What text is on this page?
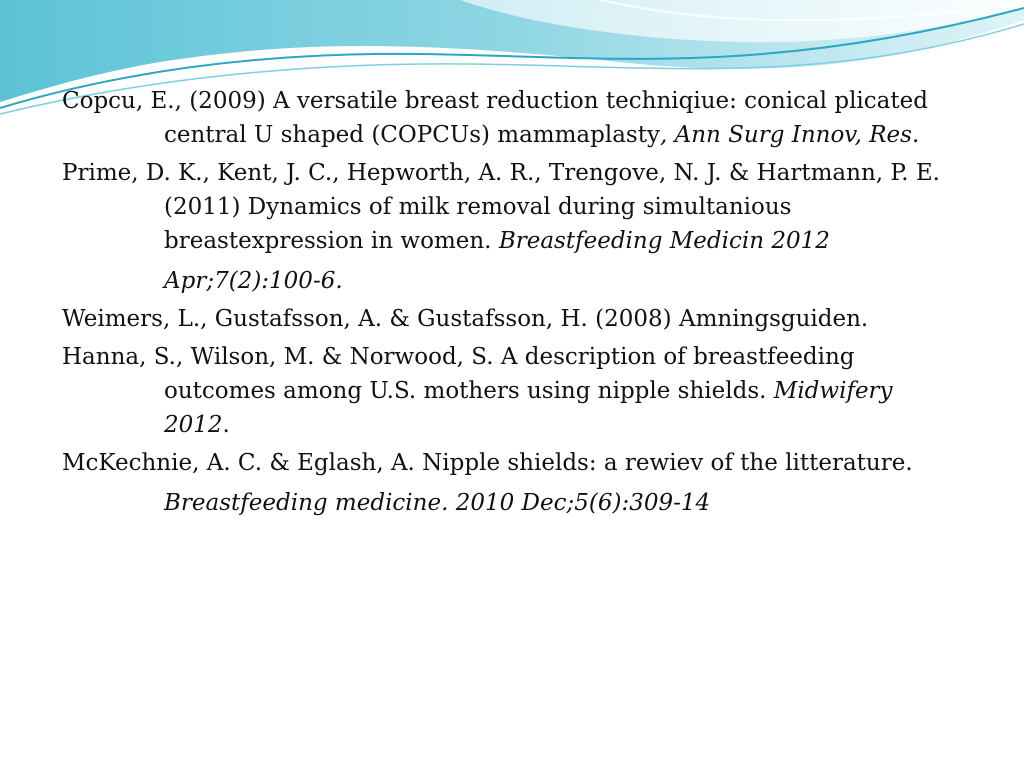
Copcu, E., (2009) A versatile breast reduction techniqiue: conical plicated central U shaped (COPCUs) mammaplasty, Ann Surg Innov, Res.

Prime, D. K., Kent, J. C., Hepworth, A. R., Trengove, N. J. & Hartmann, P. E.(2011) Dynamics of milk removal during simultanious breastexpression in women. Breastfeeding Medicin 2012
Apr;7(2):100-6.

Weimers, L., Gustafsson, A. & Gustafsson, H. (2008) Amningsguiden.

Hanna, S., Wilson, M. & Norwood, S. A description of breastfeeding outcomes among U.S. mothers using nipple shields. Midwifery 2012.

McKechnie, A. C. & Eglash, A. Nipple shields: a rewiev of the litterature.
Breastfeeding medicine. 2010 Dec;5(6):309-14
